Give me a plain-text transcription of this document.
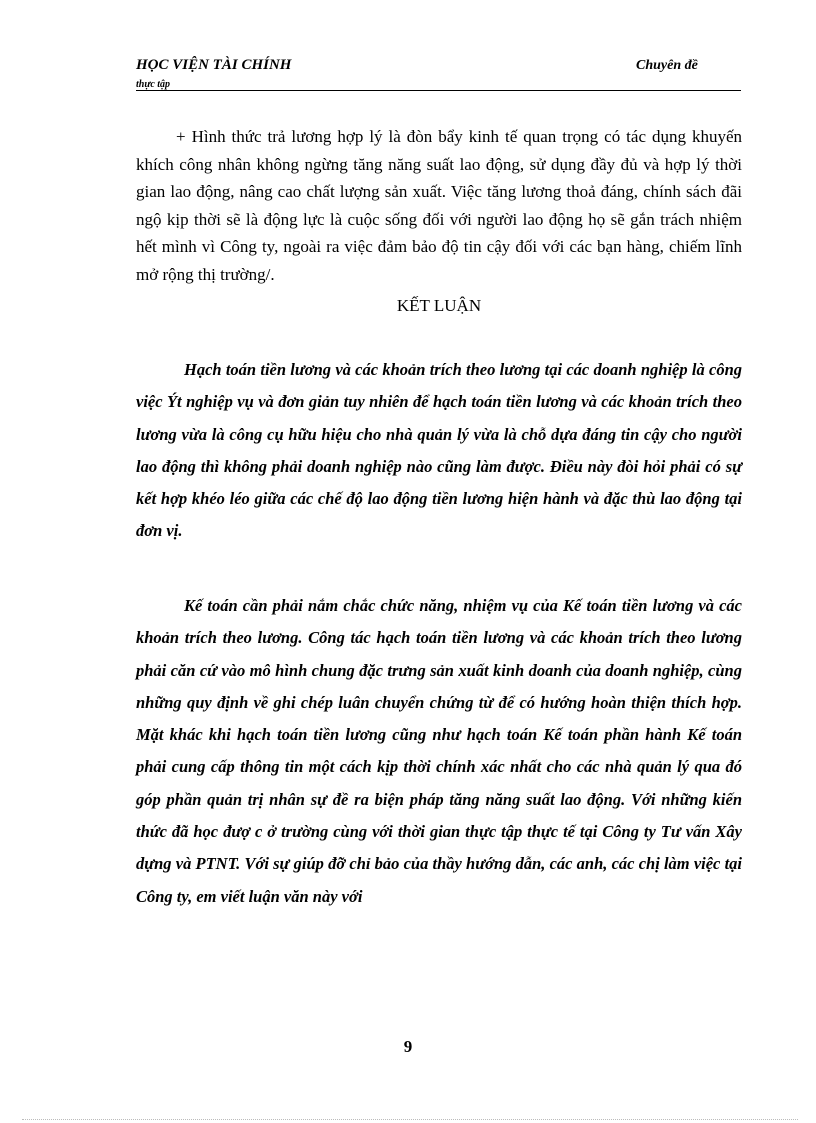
HỌC VIỆN TÀI CHÍNH
thực tập
Chuyên đề

+ Hình thức trả lương hợp lý là đòn bẩy kinh tế quan trọng có tác dụng khuyến khích công nhân không ngừng tăng năng suất lao động, sử dụng đầy đủ và hợp lý thời gian lao động, nâng cao chất lượng sản xuất. Việc tăng lương thoả đáng, chính sách đãi ngộ kịp thời sẽ là động lực là cuộc sống đối với người lao động họ sẽ gắn trách nhiệm hết mình vì Công ty, ngoài ra việc đảm bảo độ tin cậy đối với các bạn hàng, chiếm lĩnh mở rộng thị trường/.

KẾT LUẬN

Hạch toán tiền lương và các khoản trích theo lương tại các doanh nghiệp là công việc Ýt nghiệp vụ và đơn giản tuy nhiên để hạch toán tiền lương và các khoản trích theo lương vừa là công cụ hữu hiệu cho nhà quản lý vừa là chỗ dựa đáng tin cậy cho người lao động thì không phải doanh nghiệp nào cũng làm được. Điều này đòi hỏi phải có sự kết hợp khéo léo giữa các chế độ lao động tiền lương hiện hành và đặc thù lao động tại đơn vị.

Kế toán cần phải nắm chắc chức năng, nhiệm vụ của Kế toán tiền lương và các khoản trích theo lương. Công tác hạch toán tiền lương và các khoản trích theo lương phải căn cứ vào mô hình chung đặc trưng sản xuất kinh doanh của doanh nghiệp, cùng những quy định về ghi chép luân chuyển chứng từ để có hướng hoàn thiện thích hợp. Mặt khác khi hạch toán tiền lương cũng như hạch toán Kế toán phần hành Kế toán phải cung cấp thông tin một cách kịp thời chính xác nhất cho các nhà quản lý qua đó góp phần quản trị nhân sự đề ra biện pháp tăng năng suất lao động. Với những kiến thức đã học đượ c ở trường cùng với thời gian thực tập thực tế tại Công ty Tư vấn Xây dựng và PTNT. Với sự giúp đỡ chỉ bảo của thầy hướng dẫn, các anh, các chị làm việc tại Công ty, em viết luận văn này với

9
